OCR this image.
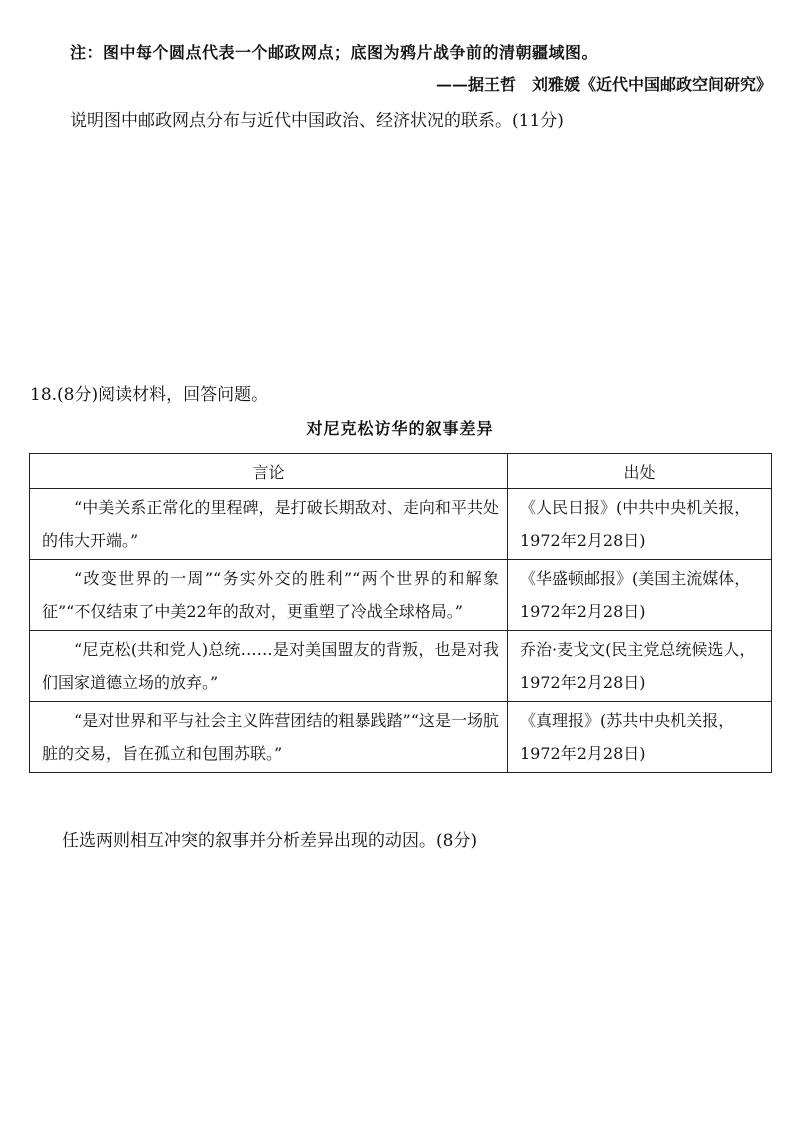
注：图中每个圆点代表一个邮政网点；底图为鸦片战争前的清朝疆域图。
——据王哲　刘雅媛《近代中国邮政空间研究》
说明图中邮政网点分布与近代中国政治、经济状况的联系。(11分)
18.(8分)阅读材料，回答问题。
对尼克松访华的叙事差异
言论	出处
“中美关系正常化的里程碑，是打破长期敌对、走向和平共处的伟大开端。”	《人民日报》(中共中央机关报，1972年2月28日)
“改变世界的一周”“务实外交的胜利”“两个世界的和解象征”“不仅结束了中美22年的敌对，更重塑了冷战全球格局。”	《华盛顿邮报》(美国主流媒体，1972年2月28日)
“尼克松(共和党人)总统……是对美国盟友的背叛，也是对我们国家道德立场的放弃。”	乔治·麦戈文(民主党总统候选人，1972年2月28日)
“是对世界和平与社会主义阵营团结的粗暴践踏”“这是一场肮脏的交易，旨在孤立和包围苏联。”	《真理报》(苏共中央机关报，1972年2月28日)
任选两则相互冲突的叙事并分析差异出现的动因。(8分)
